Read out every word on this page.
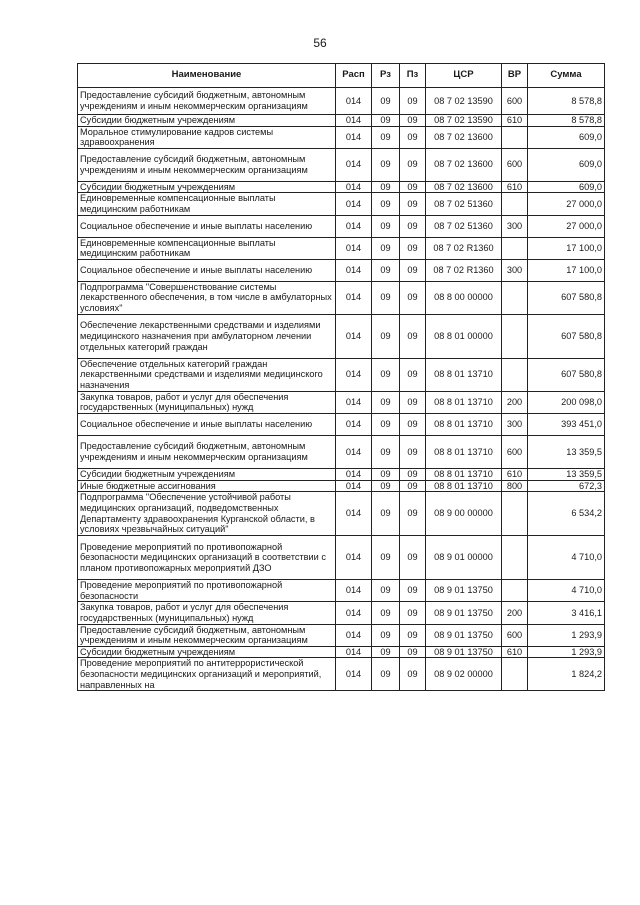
56
Наименование	Расп	Рз	Пз	ЦСР	ВР	Сумма
Предоставление субсидий бюджетным, автономным учреждениям и иным некоммерческим организациям	014	09	09	08 7 02 13590	600	8 578,8
Субсидии бюджетным учреждениям	014	09	09	08 7 02 13590	610	8 578,8
Моральное стимулирование кадров системы здравоохранения	014	09	09	08 7 02 13600		609,0
Предоставление субсидий бюджетным, автономным учреждениям и иным некоммерческим организациям	014	09	09	08 7 02 13600	600	609,0
Субсидии бюджетным учреждениям	014	09	09	08 7 02 13600	610	609,0
Единовременные компенсационные выплаты медицинским работникам	014	09	09	08 7 02 51360		27 000,0
Социальное обеспечение и иные выплаты населению	014	09	09	08 7 02 51360	300	27 000,0
Единовременные компенсационные выплаты медицинским работникам	014	09	09	08 7 02 R1360		17 100,0
Социальное обеспечение и иные выплаты населению	014	09	09	08 7 02 R1360	300	17 100,0
Подпрограмма "Совершенствование системы лекарственного обеспечения, в том числе в амбулаторных условиях"	014	09	09	08 8 00 00000		607 580,8
Обеспечение лекарственными средствами и изделиями медицинского назначения при амбулаторном лечении отдельных категорий граждан	014	09	09	08 8 01 00000		607 580,8
Обеспечение отдельных категорий граждан лекарственными средствами и изделиями медицинского назначения	014	09	09	08 8 01 13710		607 580,8
Закупка товаров, работ и услуг для обеспечения государственных (муниципальных) нужд	014	09	09	08 8 01 13710	200	200 098,0
Социальное обеспечение и иные выплаты населению	014	09	09	08 8 01 13710	300	393 451,0
Предоставление субсидий бюджетным, автономным учреждениям и иным некоммерческим организациям	014	09	09	08 8 01 13710	600	13 359,5
Субсидии бюджетным учреждениям	014	09	09	08 8 01 13710	610	13 359,5
Иные бюджетные ассигнования	014	09	09	08 8 01 13710	800	672,3
Подпрограмма "Обеспечение устойчивой работы медицинских организаций, подведомственных Департаменту здравоохранения Курганской области, в условиях чрезвычайных ситуаций"	014	09	09	08 9 00 00000		6 534,2
Проведение мероприятий по противопожарной безопасности медицинских организаций в соответствии с планом противопожарных мероприятий ДЗО	014	09	09	08 9 01 00000		4 710,0
Проведение мероприятий по противопожарной безопасности	014	09	09	08 9 01 13750		4 710,0
Закупка товаров, работ и услуг для обеспечения государственных (муниципальных) нужд	014	09	09	08 9 01 13750	200	3 416,1
Предоставление субсидий бюджетным, автономным учреждениям и иным некоммерческим организациям	014	09	09	08 9 01 13750	600	1 293,9
Субсидии бюджетным учреждениям	014	09	09	08 9 01 13750	610	1 293,9
Проведение мероприятий по антитеррористической безопасности медицинских организаций и мероприятий, направленных на	014	09	09	08 9 02 00000		1 824,2
